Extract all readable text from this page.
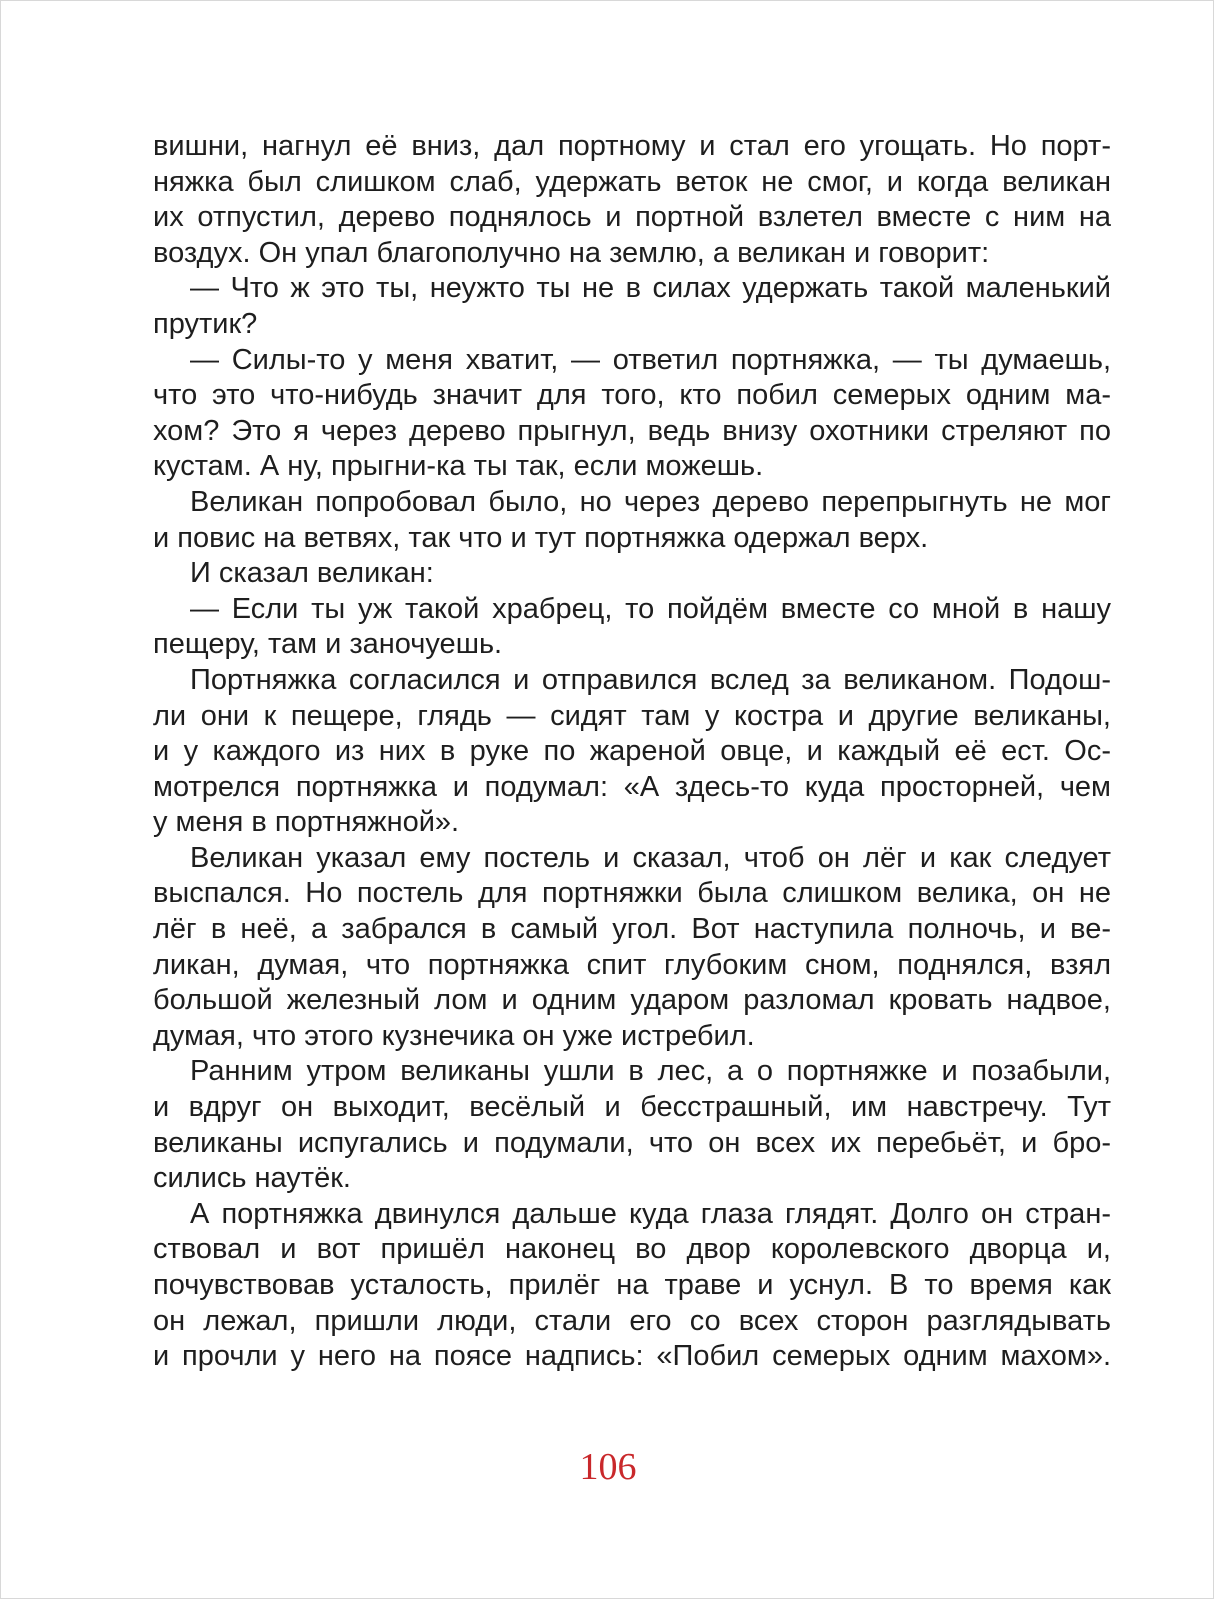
вишни, нагнул её вниз, дал портному и стал его угощать. Но порт-
няжка был слишком слаб, удержать веток не смог, и когда великан
их отпустил, дерево поднялось и портной взлетел вместе с ним на
воздух. Он упал благополучно на землю, а великан и говорит:
— Что ж это ты, неужто ты не в силах удержать такой маленький
прутик?
— Силы-то у меня хватит, — ответил портняжка, — ты думаешь,
что это что-нибудь значит для того, кто побил семерых одним ма-
хом? Это я через дерево прыгнул, ведь внизу охотники стреляют по
кустам. А ну, прыгни-ка ты так, если можешь.
Великан попробовал было, но через дерево перепрыгнуть не мог
и повис на ветвях, так что и тут портняжка одержал верх.
И сказал великан:
— Если ты уж такой храбрец, то пойдём вместе со мной в нашу
пещеру, там и заночуешь.
Портняжка согласился и отправился вслед за великаном. Подош-
ли они к пещере, глядь — сидят там у костра и другие великаны,
и у каждого из них в руке по жареной овце, и каждый её ест. Ос-
мотрелся портняжка и подумал: «А здесь-то куда просторней, чем
у меня в портняжной».
Великан указал ему постель и сказал, чтоб он лёг и как следует
выспался. Но постель для портняжки была слишком велика, он не
лёг в неё, а забрался в самый угол. Вот наступила полночь, и ве-
ликан, думая, что портняжка спит глубоким сном, поднялся, взял
большой железный лом и одним ударом разломал кровать надвое,
думая, что этого кузнечика он уже истребил.
Ранним утром великаны ушли в лес, а о портняжке и позабыли,
и вдруг он выходит, весёлый и бесстрашный, им навстречу. Тут
великаны испугались и подумали, что он всех их перебьёт, и бро-
сились наутёк.
А портняжка двинулся дальше куда глаза глядят. Долго он стран-
ствовал и вот пришёл наконец во двор королевского дворца и,
почувствовав усталость, прилёг на траве и уснул. В то время как
он лежал, пришли люди, стали его со всех сторон разглядывать
и прочли у него на поясе надпись: «Побил семерых одним махом».
106
